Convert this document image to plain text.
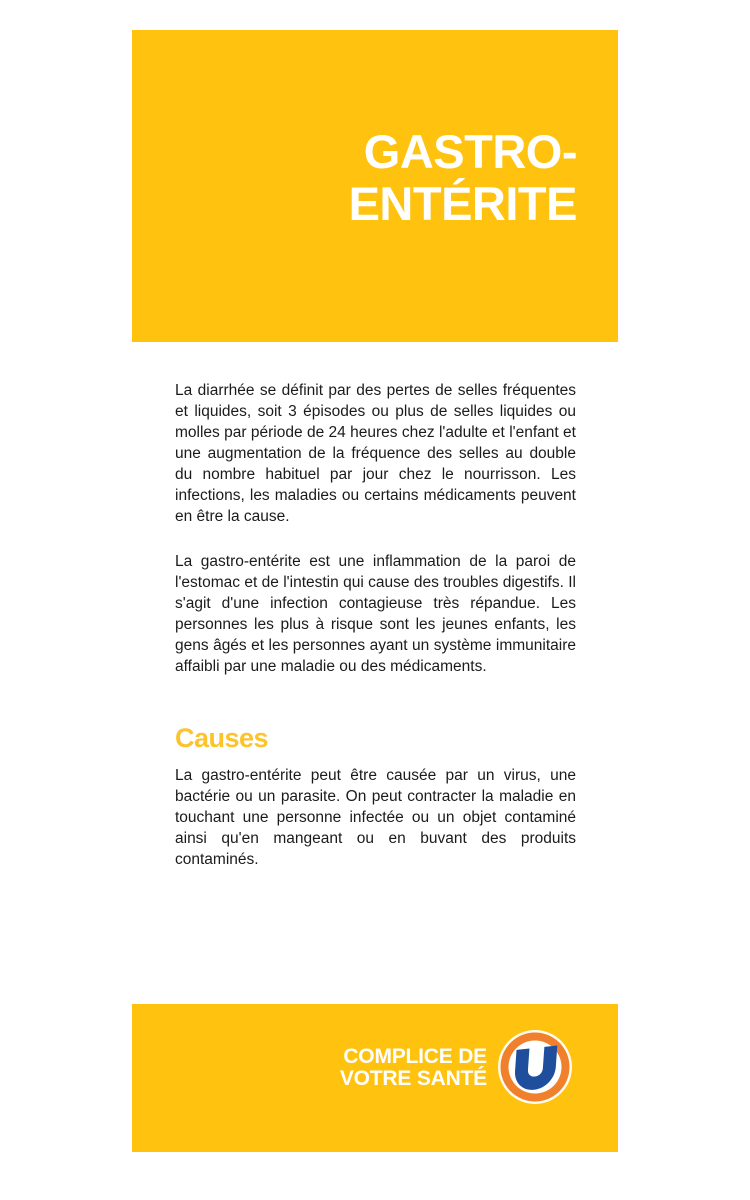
GASTRO-
ENTÉRITE

La diarrhée se définit par des pertes de selles fréquentes et liquides, soit 3 épisodes ou plus de selles liquides ou molles par période de 24 heures chez l'adulte et l'enfant et une augmentation de la fréquence des selles au double du nombre habituel par jour chez le nourrisson. Les infections, les maladies ou certains médicaments peuvent en être la cause.

La gastro-entérite est une inflammation de la paroi de l'estomac et de l'intestin qui cause des troubles digestifs. Il s'agit d'une infection contagieuse très répandue. Les personnes les plus à risque sont les jeunes enfants, les gens âgés et les personnes ayant un système immunitaire affaibli par une maladie ou des médicaments.

Causes

La gastro-entérite peut être causée par un virus, une bactérie ou un parasite. On peut contracter la maladie en touchant une personne infectée ou un objet contaminé ainsi qu'en mangeant ou en buvant des produits contaminés.

COMPLICE DE
VOTRE SANTÉ
